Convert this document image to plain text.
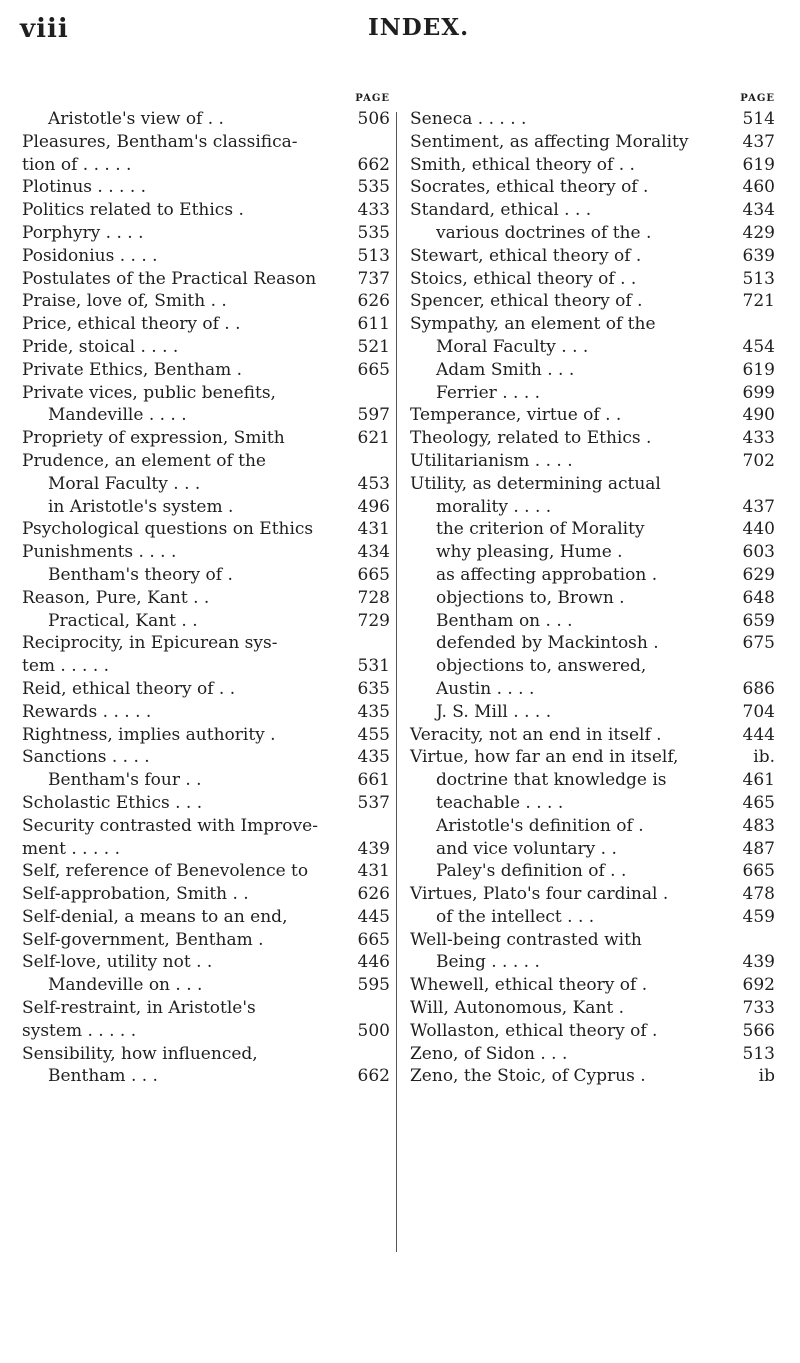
viii	INDEX.
PAGE
Aristotle's view of . .	506
Pleasures, Bentham's classifica-
tion of . . . . .	662
Plotinus . . . . .	535
Politics related to Ethics .	433
Porphyry . . . .	535
Posidonius . . . .	513
Postulates of the Practical Reason 737
Praise, love of, Smith . .	626
Price, ethical theory of . .	611
Pride, stoical . . . .	521
Private Ethics, Bentham .	665
Private vices, public benefits,
Mandeville . . . .	597
Propriety of expression, Smith	621
Prudence, an element of the
Moral Faculty . . .	453
in Aristotle's system .	496
Psychological questions on Ethics	431
Punishments . . . .	434
Bentham's theory of .	665
Reason, Pure, Kant . .	728
Practical, Kant . .	729
Reciprocity, in Epicurean sys-
tem . . . . .	531
Reid, ethical theory of . .	635
Rewards . . . . .	435
Rightness, implies authority .	455
Sanctions . . . .	435
Bentham's four . .	661
Scholastic Ethics . . .	537
Security contrasted with Improve-
ment . . . . .	439
Self, reference of Benevolence to	431
Self-approbation, Smith . .	626
Self-denial, a means to an end,	445
Self-government, Bentham .	665
Self-love, utility not . .	446
Mandeville on . . .	595
Self-restraint, in Aristotle's
system . . . . .	500
Sensibility, how influenced,
Bentham . . .	662
PAGE
Seneca . . . . .	514
Sentiment, as affecting Morality	437
Smith, ethical theory of . .	619
Socrates, ethical theory of .	460
Standard, ethical . . .	434
various doctrines of the .	429
Stewart, ethical theory of .	639
Stoics, ethical theory of . .	513
Spencer, ethical theory of .	721
Sympathy, an element of the
Moral Faculty . . .	454
Adam Smith . . .	619
Ferrier . . . .	699
Temperance, virtue of . .	490
Theology, related to Ethics .	433
Utilitarianism . . . .	702
Utility, as determining actual
morality . . . .	437
the criterion of Morality	440
why pleasing, Hume .	603
as affecting approbation .	629
objections to, Brown .	648
Bentham on . . .	659
defended by Mackintosh .	675
objections to, answered,
Austin . . . .	686
J. S. Mill . . . .	704
Veracity, not an end in itself .	444
Virtue, how far an end in itself,	ib.
doctrine that knowledge is	461
teachable . . . .	465
Aristotle's definition of .	483
and vice voluntary . .	487
Paley's definition of . .	665
Virtues, Plato's four cardinal .	478
of the intellect . . .	459
Well-being contrasted with
Being . . . . .	439
Whewell, ethical theory of .	692
Will, Autonomous, Kant .	733
Wollaston, ethical theory of .	566
Zeno, of Sidon . . .	513
Zeno, the Stoic, of Cyprus .	ib
